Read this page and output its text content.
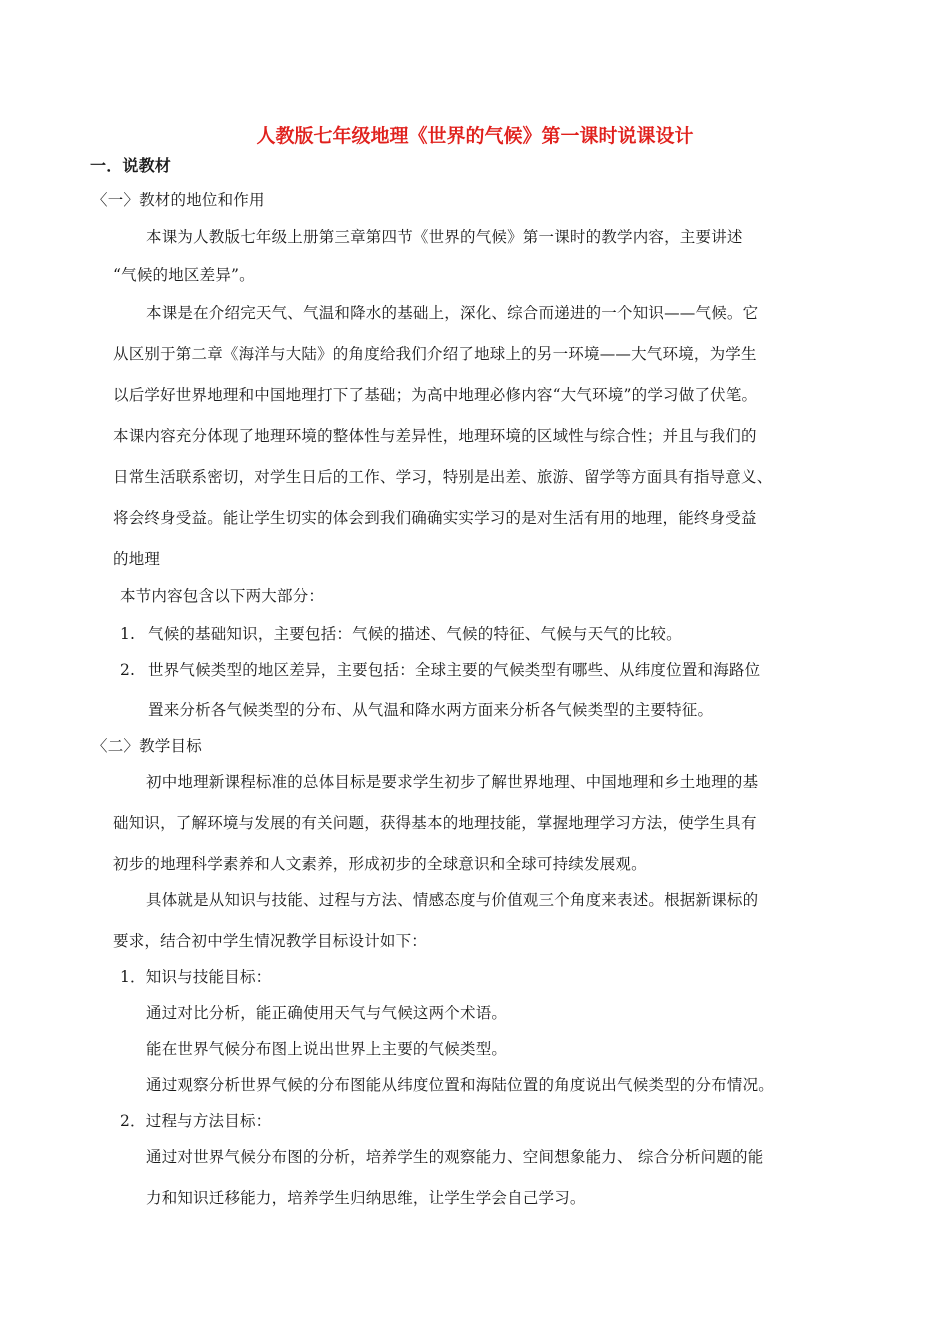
人教版七年级地理《世界的气候》第一课时说课设计
一．说教材
〈一〉教材的地位和作用
本课为人教版七年级上册第三章第四节《世界的气候》第一课时的教学内容，主要讲述
“气候的地区差异”。
本课是在介绍完天气、气温和降水的基础上，深化、综合而递进的一个知识——气候。它
从区别于第二章《海洋与大陆》的角度给我们介绍了地球上的另一环境——大气环境，为学生
以后学好世界地理和中国地理打下了基础；为高中地理必修内容“大气环境”的学习做了伏笔。
本课内容充分体现了地理环境的整体性与差异性，地理环境的区域性与综合性；并且与我们的
日常生活联系密切，对学生日后的工作、学习，特别是出差、旅游、留学等方面具有指导意义、
将会终身受益。能让学生切实的体会到我们确确实实学习的是对生活有用的地理，能终身受益
的地理
本节内容包含以下两大部分：
1. 气候的基础知识，主要包括：气候的描述、气候的特征、气候与天气的比较。
2. 世界气候类型的地区差异，主要包括：全球主要的气候类型有哪些、从纬度位置和海路位
置来分析各气候类型的分布、从气温和降水两方面来分析各气候类型的主要特征。
〈二〉教学目标
初中地理新课程标准的总体目标是要求学生初步了解世界地理、中国地理和乡土地理的基
础知识，了解环境与发展的有关问题，获得基本的地理技能，掌握地理学习方法，使学生具有
初步的地理科学素养和人文素养，形成初步的全球意识和全球可持续发展观。
具体就是从知识与技能、过程与方法、情感态度与价值观三个角度来表述。根据新课标的
要求，结合初中学生情况教学目标设计如下：
1．知识与技能目标：
通过对比分析，能正确使用天气与气候这两个术语。
能在世界气候分布图上说出世界上主要的气候类型。
通过观察分析世界气候的分布图能从纬度位置和海陆位置的角度说出气候类型的分布情况。
2．过程与方法目标：
通过对世界气候分布图的分析，培养学生的观察能力、空间想象能力、 综合分析问题的能
力和知识迁移能力，培养学生归纳思维，让学生学会自己学习。
